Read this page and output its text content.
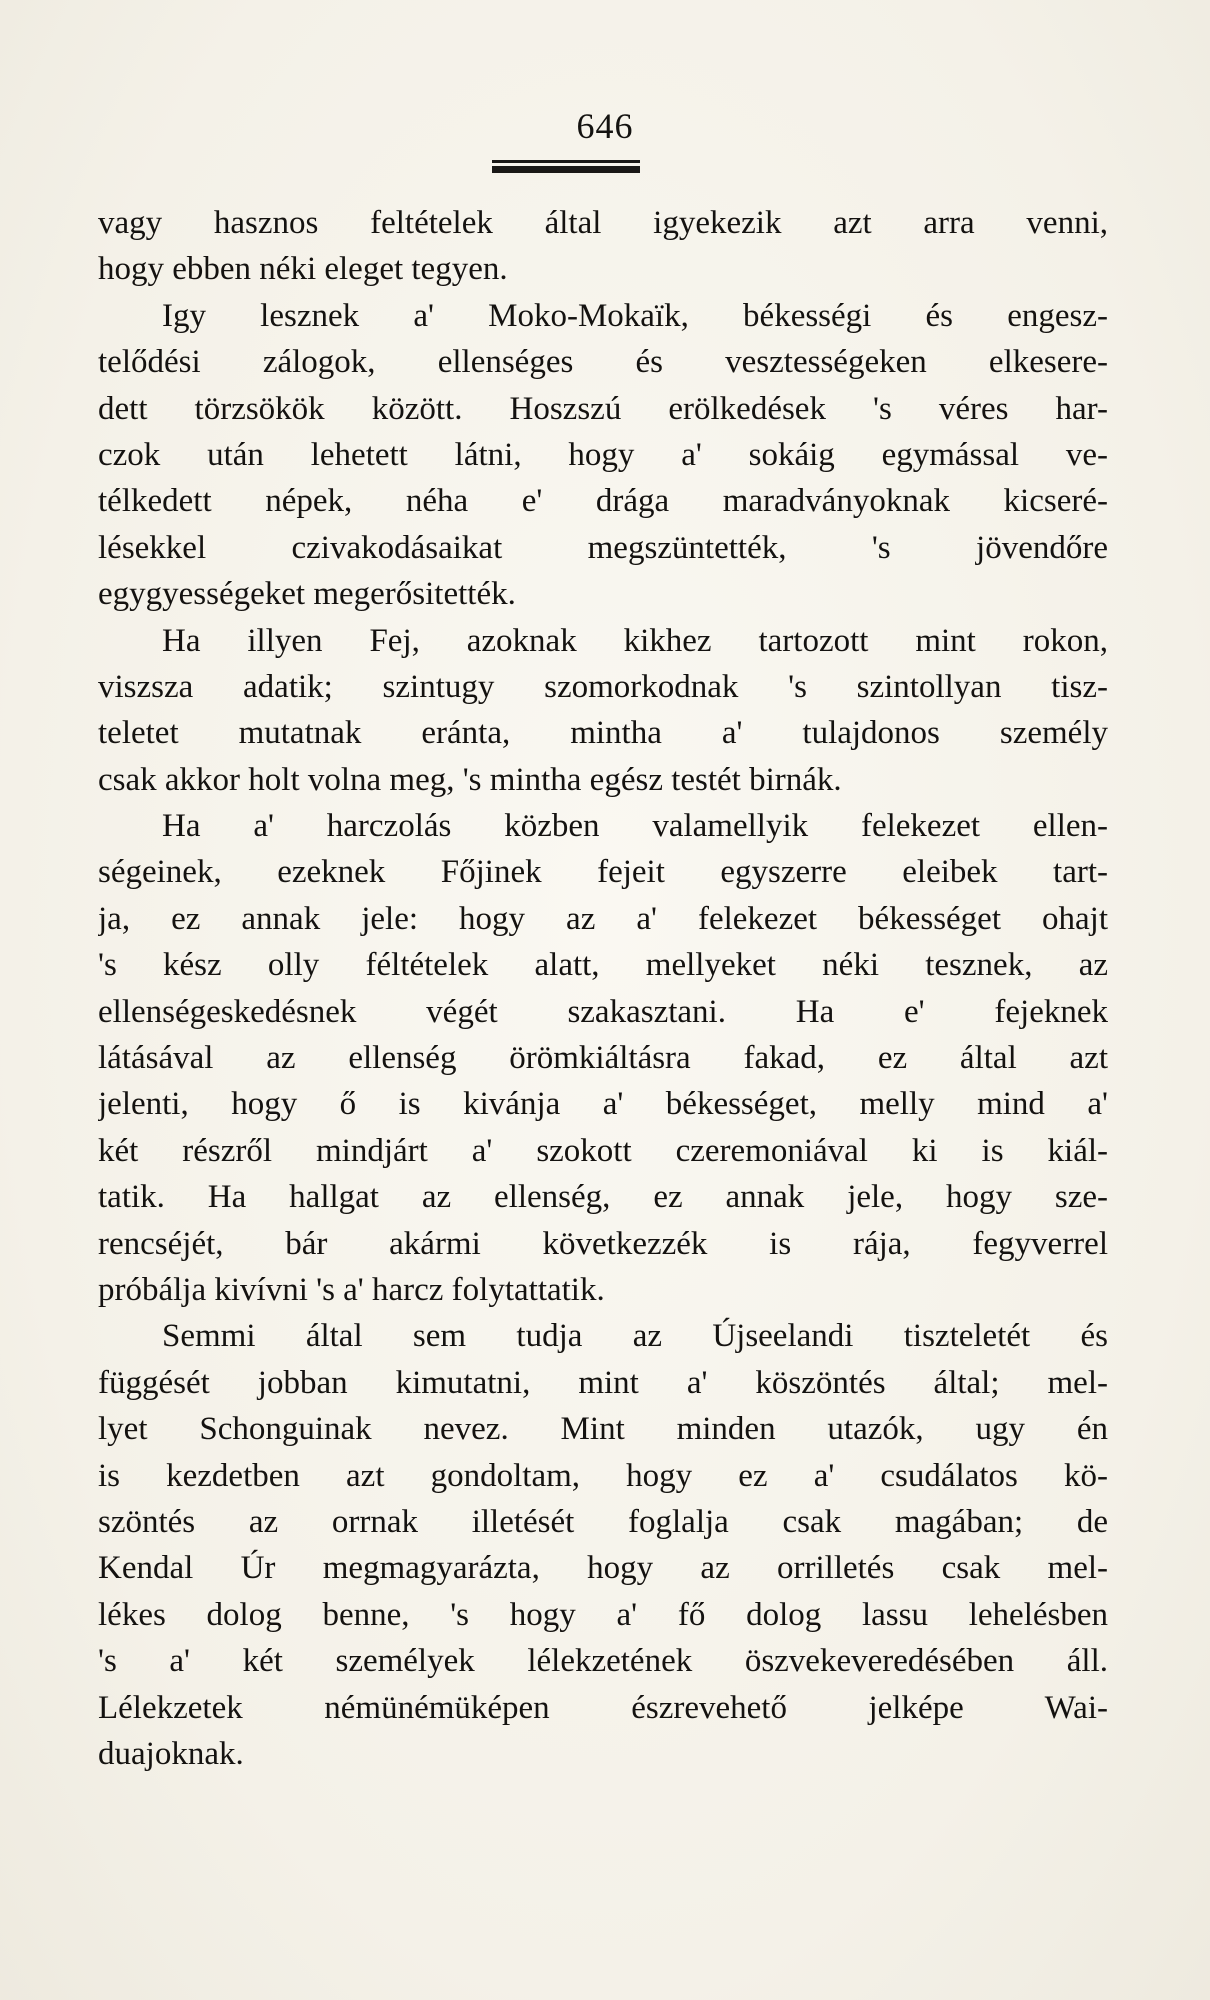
646
vagy hasznos feltételek által igyekezik azt arra venni,
hogy ebben néki eleget tegyen.
Igy lesznek a' Moko-Mokaïk, békességi és engesz-
telődési zálogok, ellenséges és vesztességeken elkesere-
dett törzsökök között. Hoszszú erölkedések 's véres har-
czok után lehetett látni, hogy a' sokáig egymással ve-
télkedett népek, néha e' drága maradványoknak kicseré-
lésekkel czivakodásaikat megszüntették, 's jövendőre
egygyességeket megerősitették.
Ha illyen Fej, azoknak kikhez tartozott mint rokon,
viszsza adatik; szintugy szomorkodnak 's szintollyan tisz-
teletet mutatnak eránta, mintha a' tulajdonos személy
csak akkor holt volna meg, 's mintha egész testét birnák.
Ha a' harczolás közben valamellyik felekezet ellen-
ségeinek, ezeknek Főjinek fejeit egyszerre eleibek tart-
ja, ez annak jele: hogy az a' felekezet békességet ohajt
's kész olly féltételek alatt, mellyeket néki tesznek, az
ellenségeskedésnek végét szakasztani. Ha e' fejeknek
látásával az ellenség örömkiáltásra fakad, ez által azt
jelenti, hogy ő is kivánja a' békességet, melly mind a'
két részről mindjárt a' szokott czeremoniával ki is kiál-
tatik. Ha hallgat az ellenség, ez annak jele, hogy sze-
rencséjét, bár akármi következzék is rája, fegyverrel
próbálja kivívni 's a' harcz folytattatik.
Semmi által sem tudja az Újseelandi tiszteletét és
függését jobban kimutatni, mint a' köszöntés által; mel-
lyet Schonguinak nevez. Mint minden utazók, ugy én
is kezdetben azt gondoltam, hogy ez a' csudálatos kö-
szöntés az orrnak illetését foglalja csak magában; de
Kendal Úr megmagyarázta, hogy az orrilletés csak mel-
lékes dolog benne, 's hogy a' fő dolog lassu lehelésben
's a' két személyek lélekzetének öszvekeveredésében áll.
Lélekzetek némünémüképen észrevehető jelképe Wai-
duajoknak.
